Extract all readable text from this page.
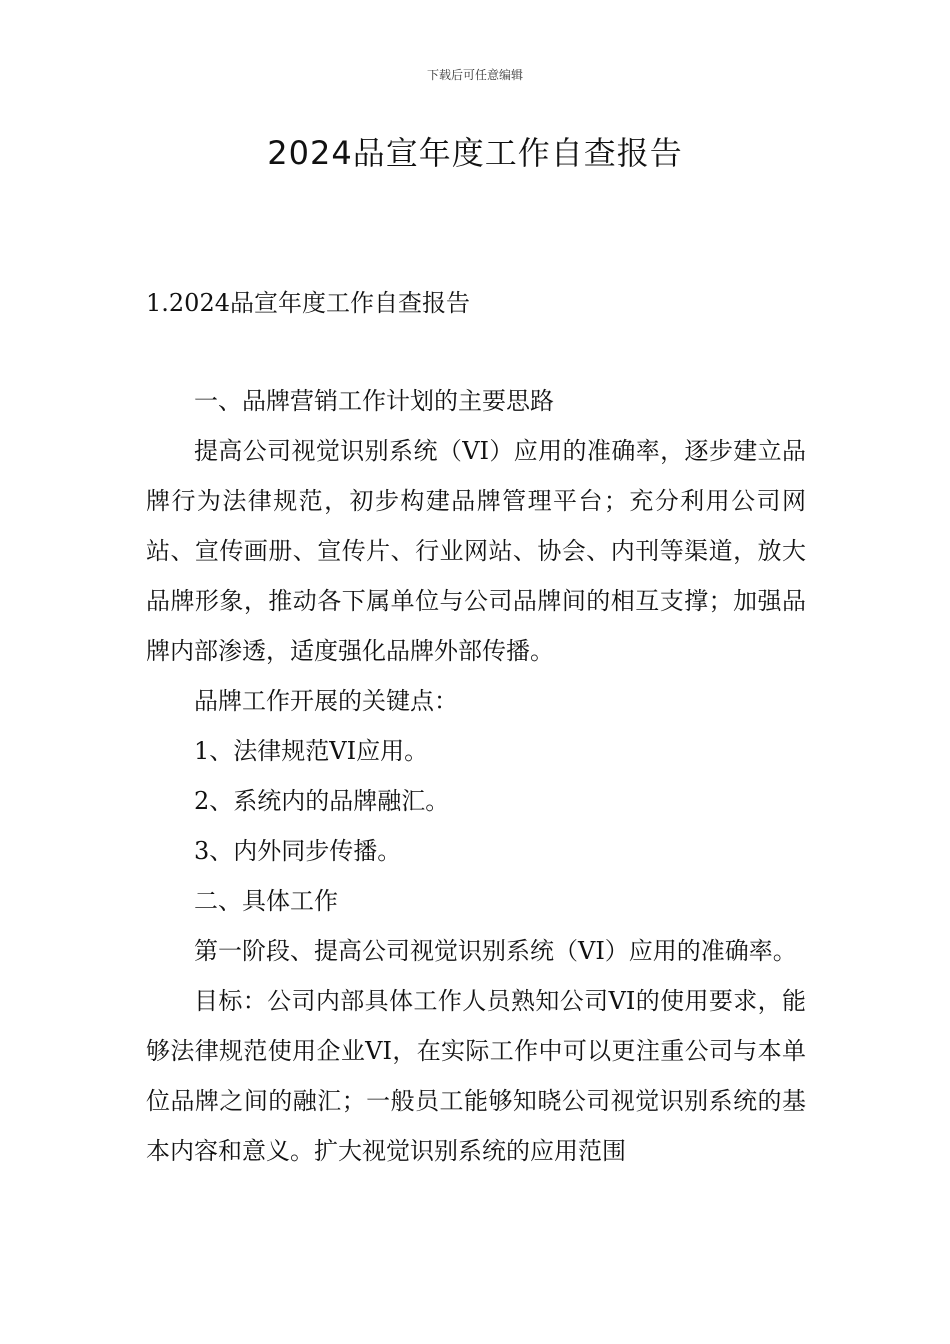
下载后可任意编辑
2024品宣年度工作自查报告
1.2024品宣年度工作自查报告

一、品牌营销工作计划的主要思路

提高公司视觉识别系统（VI）应用的准确率，逐步建立品牌行为法律规范，初步构建品牌管理平台；充分利用公司网站、宣传画册、宣传片、行业网站、协会、内刊等渠道，放大品牌形象，推动各下属单位与公司品牌间的相互支撑；加强品牌内部渗透，适度强化品牌外部传播。

品牌工作开展的关键点：

1、法律规范VI应用。

2、系统内的品牌融汇。

3、内外同步传播。

二、具体工作

第一阶段、提高公司视觉识别系统（VI）应用的准确率。

目标：公司内部具体工作人员熟知公司VI的使用要求，能够法律规范使用企业VI，在实际工作中可以更注重公司与本单位品牌之间的融汇；一般员工能够知晓公司视觉识别系统的基本内容和意义。扩大视觉识别系统的应用范围
